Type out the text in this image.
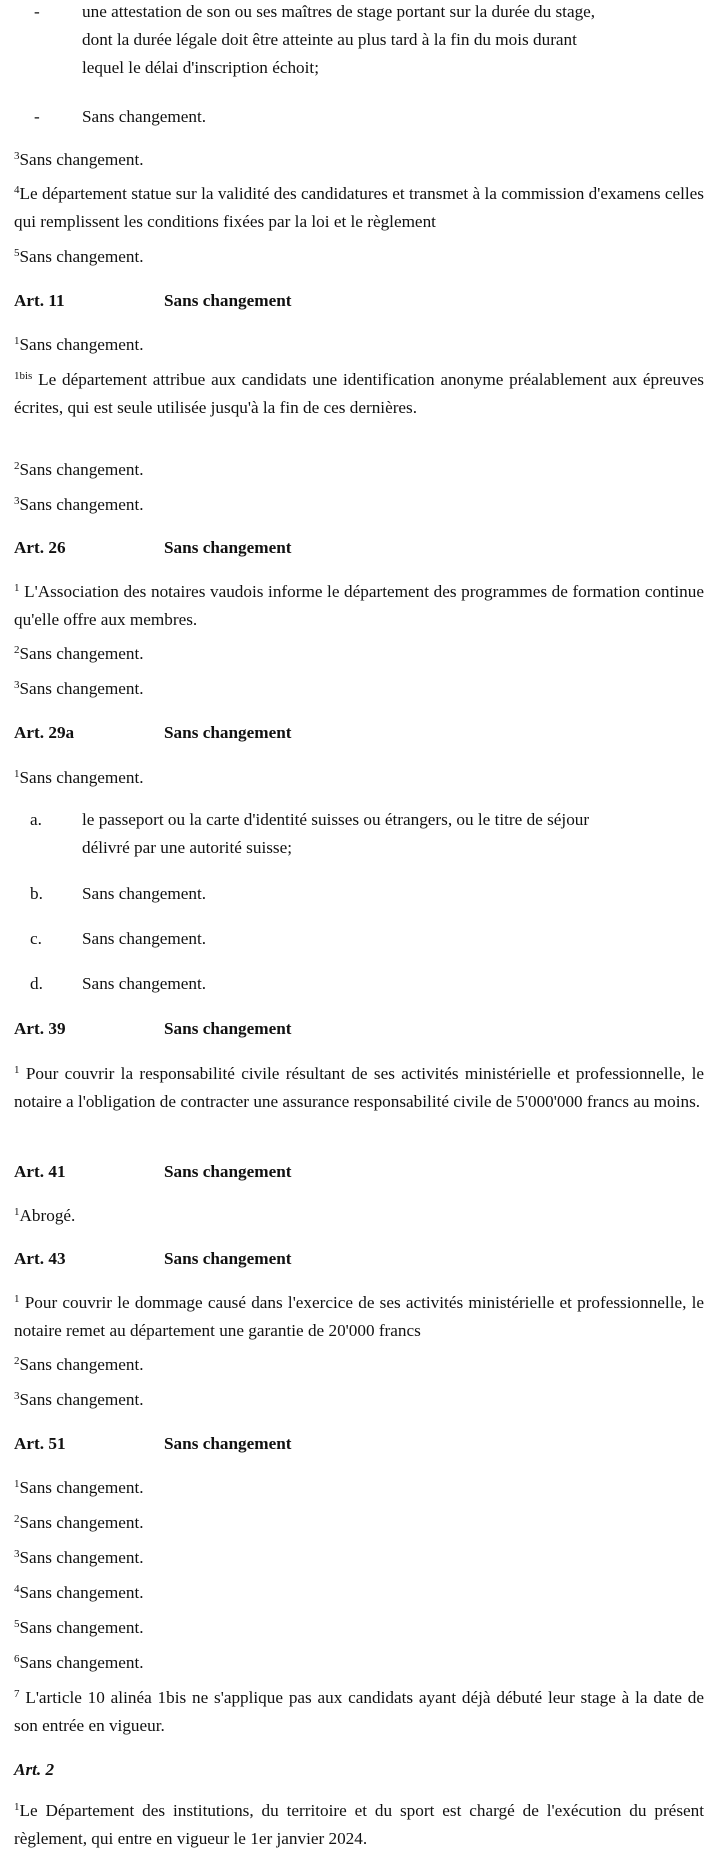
- une attestation de son ou ses maîtres de stage portant sur la durée du stage,
dont la durée légale doit être atteinte au plus tard à la fin du mois durant
lequel le délai d'inscription échoit;
- Sans changement.
$^3$Sans changement.
$^4$Le département statue sur la validité des candidatures et transmet à la commission d'examens celles qui remplissent les conditions fixées par la loi et le règlement
$^5$Sans changement.
Art. 11	Sans changement
$^1$Sans changement.
$^{1bis}$ Le département attribue aux candidats une identification anonyme préalablement aux épreuves écrites, qui est seule utilisée jusqu'à la fin de ces dernières.
$^2$Sans changement.
$^3$Sans changement.
Art. 26	Sans changement
$^1$ L'Association des notaires vaudois informe le département des programmes de formation continue qu'elle offre aux membres.
$^2$Sans changement.
$^3$Sans changement.
Art. 29a	Sans changement
$^1$Sans changement.
a. le passeport ou la carte d'identité suisses ou étrangers, ou le titre de séjour
délivré par une autorité suisse;
b. Sans changement.
c. Sans changement.
d. Sans changement.
Art. 39	Sans changement
$^1$ Pour couvrir la responsabilité civile résultant de ses activités ministérielle et professionnelle, le notaire a l'obligation de contracter une assurance responsabilité civile de 5'000'000 francs au moins.
Art. 41	Sans changement
$^1$Abrogé.
Art. 43	Sans changement
$^1$ Pour couvrir le dommage causé dans l'exercice de ses activités ministérielle et professionnelle, le notaire remet au département une garantie de 20'000 francs
$^2$Sans changement.
$^3$Sans changement.
Art. 51	Sans changement
$^1$Sans changement.
$^2$Sans changement.
$^3$Sans changement.
$^4$Sans changement.
$^5$Sans changement.
$^6$Sans changement.
$^7$ L'article 10 alinéa 1bis ne s'applique pas aux candidats ayant déjà débuté leur stage à la date de son entrée en vigueur.
Art. 2
$^1$Le Département des institutions, du territoire et du sport est chargé de l'exécution du présent règlement, qui entre en vigueur le 1er janvier 2024.
